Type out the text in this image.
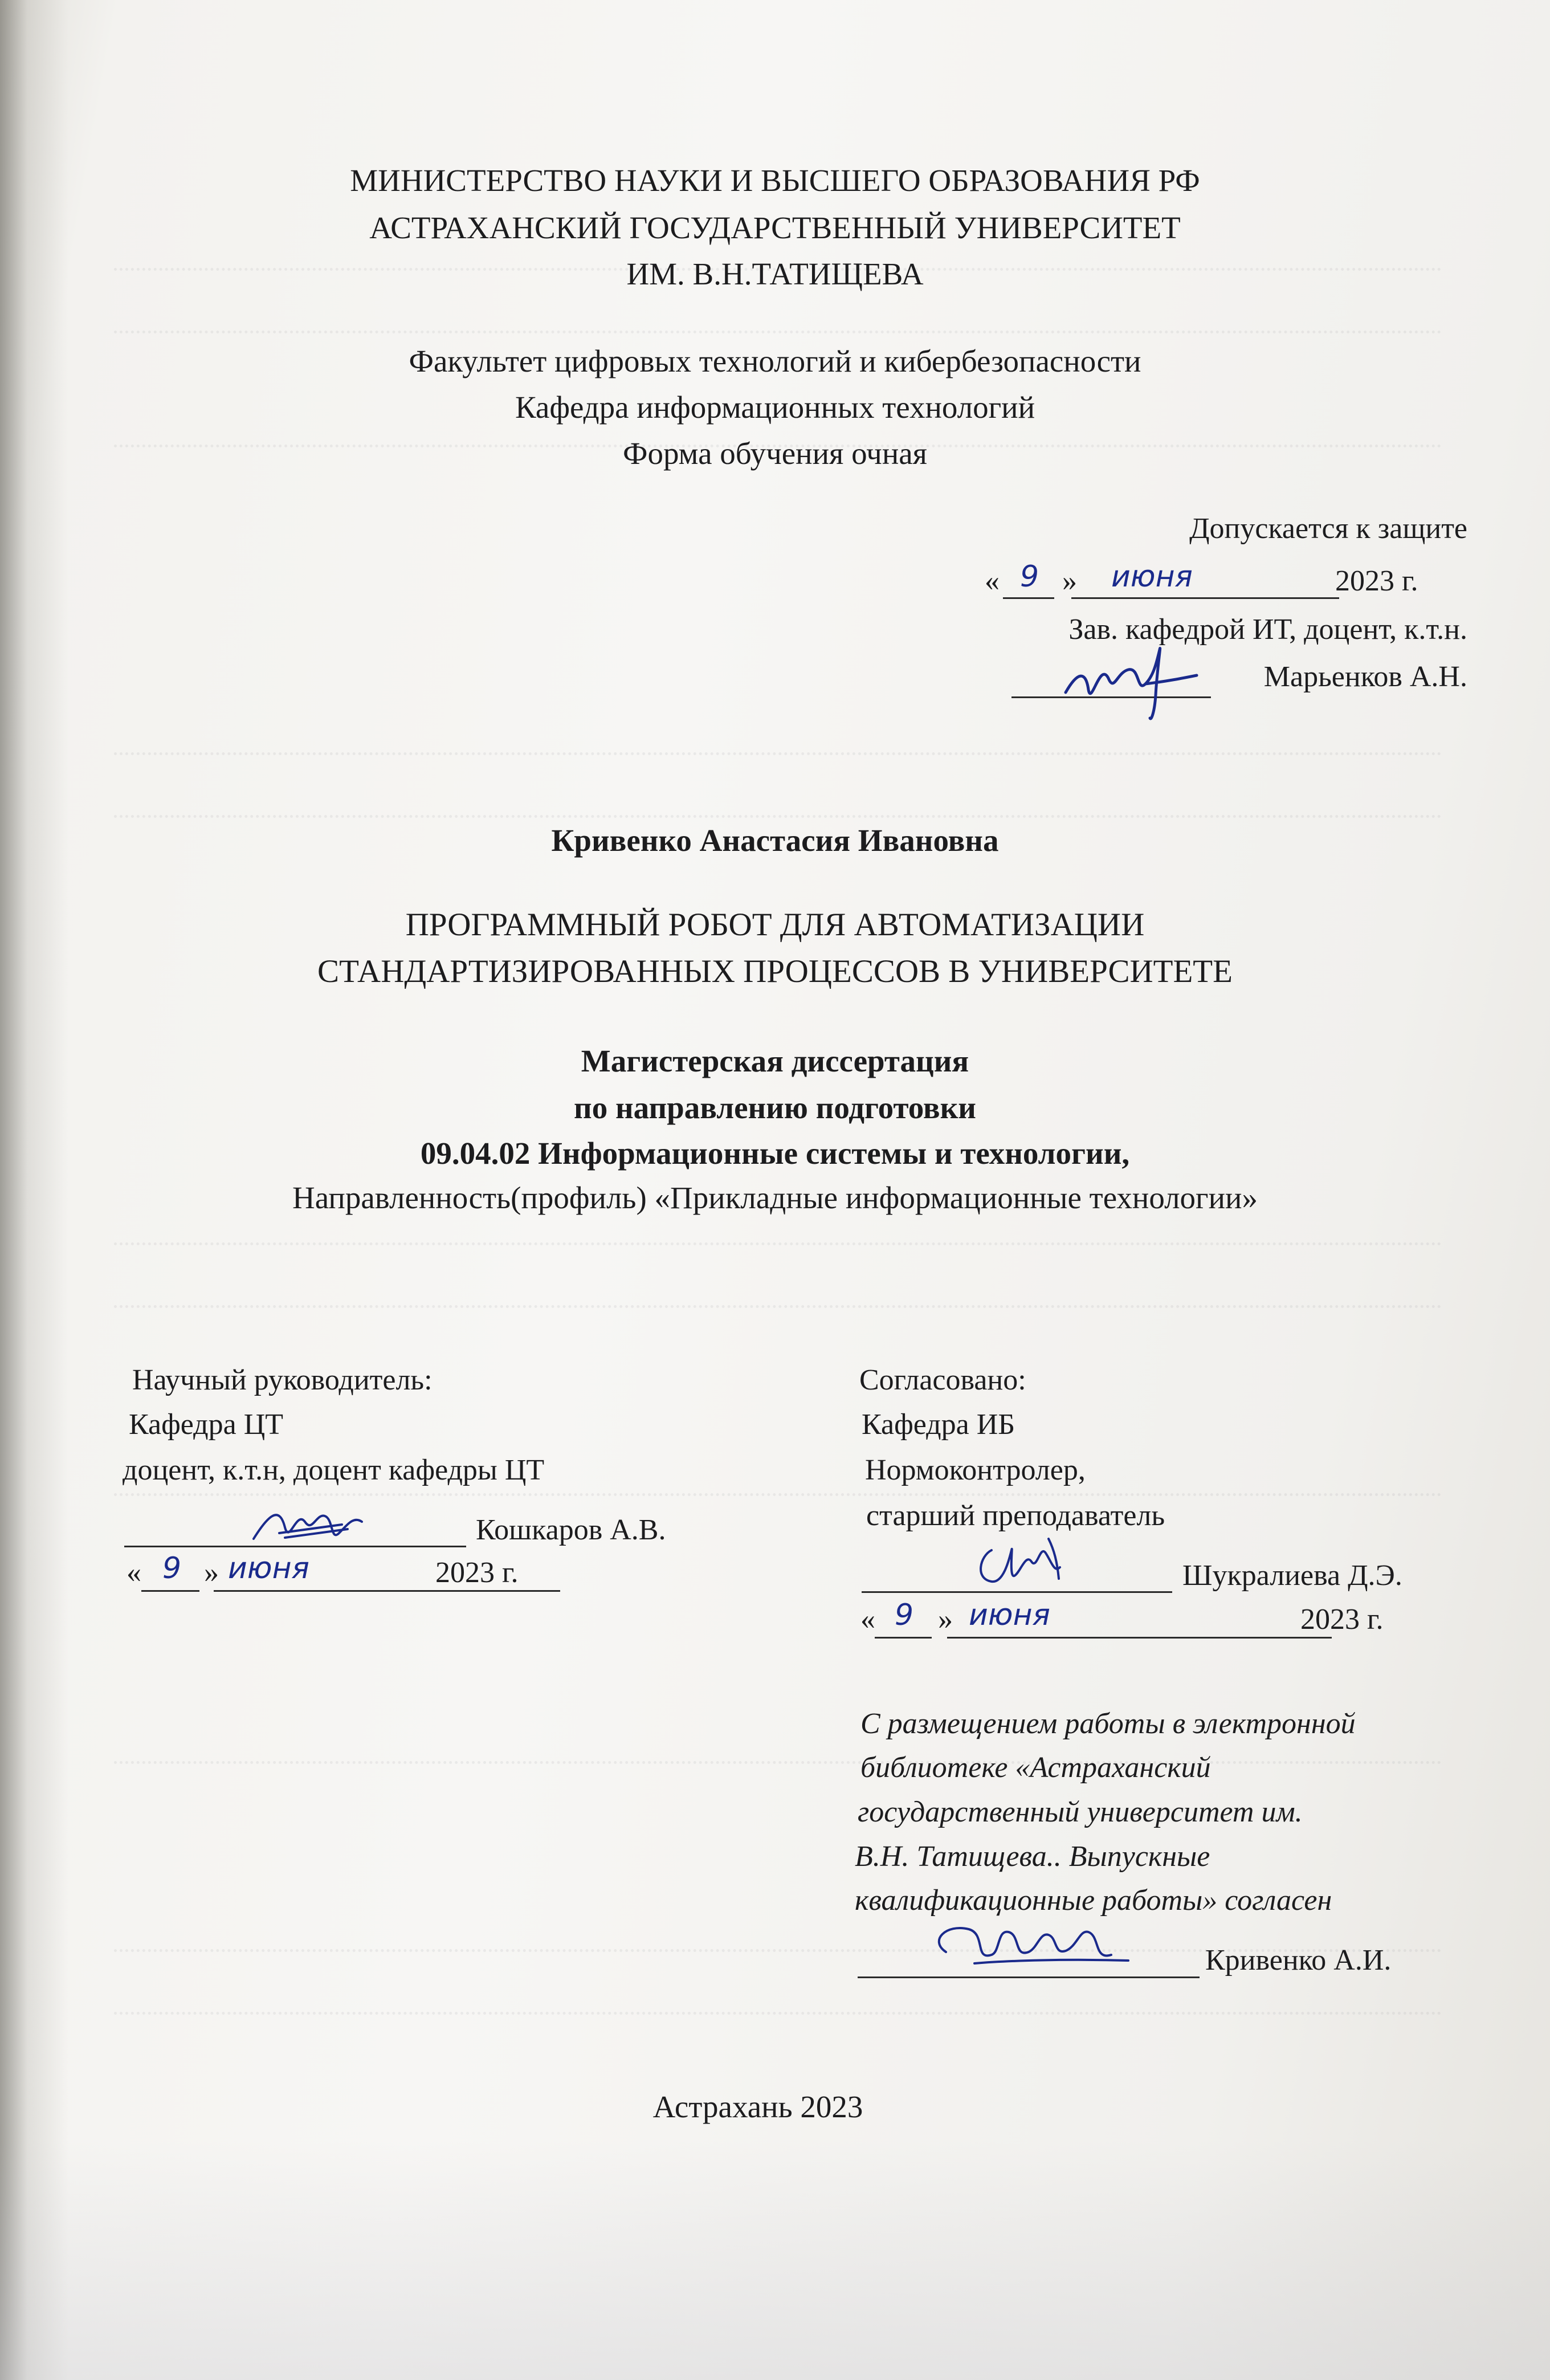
МИНИСТЕРСТВО НАУКИ И ВЫСШЕГО ОБРАЗОВАНИЯ РФ
АСТРАХАНСКИЙ ГОСУДАРСТВЕННЫЙ УНИВЕРСИТЕТ
ИМ. В.Н.ТАТИЩЕВА
Факультет цифровых технологий и кибербезопасности
Кафедра информационных технологий
Форма обучения очная
Допускается к защите
« »	2023 г.
9 июня
Зав. кафедрой ИТ, доцент, к.т.н.
Марьенков А.Н.
Кривенко Анастасия Ивановна
ПРОГРАММНЫЙ РОБОТ ДЛЯ АВТОМАТИЗАЦИИ
СТАНДАРТИЗИРОВАННЫХ ПРОЦЕССОВ В УНИВЕРСИТЕТЕ
Магистерская диссертация
по направлению подготовки
09.04.02 Информационные системы и технологии,
Направленность(профиль) «Прикладные информационные технологии»
Научный руководитель:
Кафедра ЦТ
доцент, к.т.н, доцент кафедры ЦТ
Кошкаров А.В.
« »	2023 г.
9 июня
Согласовано:
Кафедра ИБ
Нормоконтролер,
старший преподаватель
Шукралиева Д.Э.
« »	2023 г.
9 июня
С размещением работы в электронной
библиотеке «Астраханский
государственный университет им.
В.Н. Татищева.. Выпускные
квалификационные работы» согласен
Кривенко А.И.
Астрахань 2023
